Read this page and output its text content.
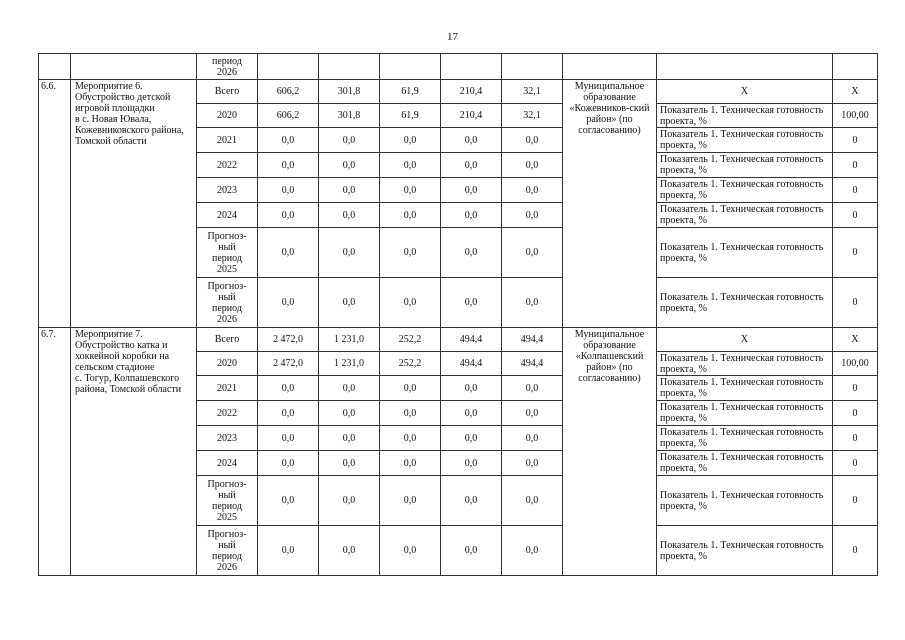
17
		период
2026								
6.6.	Мероприятие 6.
Обустройство детской игровой площадки
в с. Новая Ювала, Кожевниковского района, Томской области	Всего	606,2	301,8	61,9	210,4	32,1	Муниципальное образование «Кожевников-ский район» (по согласованию)	Х	Х
		2020	606,2	301,8	61,9	210,4	32,1		Показатель 1. Техническая готовность проекта, %	100,00
		2021	0,0	0,0	0,0	0,0	0,0		Показатель 1. Техническая готовность проекта, %	0
		2022	0,0	0,0	0,0	0,0	0,0		Показатель 1. Техническая готовность проекта, %	0
		2023	0,0	0,0	0,0	0,0	0,0		Показатель 1. Техническая готовность проекта, %	0
		2024	0,0	0,0	0,0	0,0	0,0		Показатель 1. Техническая готовность проекта, %	0
		Прогноз-
ный
период
2025	0,0	0,0	0,0	0,0	0,0		Показатель 1. Техническая готовность проекта, %	0
		Прогноз-
ный
период
2026	0,0	0,0	0,0	0,0	0,0		Показатель 1. Техническая готовность проекта, %	0
6.7.	Мероприятие 7.
Обустройство катка и хоккейной коробки на сельском стадионе
с. Тогур, Колпашевского района, Томской области	Всего	2 472,0	1 231,0	252,2	494,4	494,4	Муниципальное образование «Колпашевский район» (по согласованию)	Х	Х
		2020	2 472,0	1 231,0	252,2	494,4	494,4		Показатель 1. Техническая готовность проекта, %	100,00
		2021	0,0	0,0	0,0	0,0	0,0		Показатель 1. Техническая готовность проекта, %	0
		2022	0,0	0,0	0,0	0,0	0,0		Показатель 1. Техническая готовность проекта, %	0
		2023	0,0	0,0	0,0	0,0	0,0		Показатель 1. Техническая готовность проекта, %	0
		2024	0,0	0,0	0,0	0,0	0,0		Показатель 1. Техническая готовность проекта, %	0
		Прогноз-
ный
период
2025	0,0	0,0	0,0	0,0	0,0		Показатель 1. Техническая готовность проекта, %	0
		Прогноз-
ный
период
2026	0,0	0,0	0,0	0,0	0,0		Показатель 1. Техническая готовность проекта, %	0
